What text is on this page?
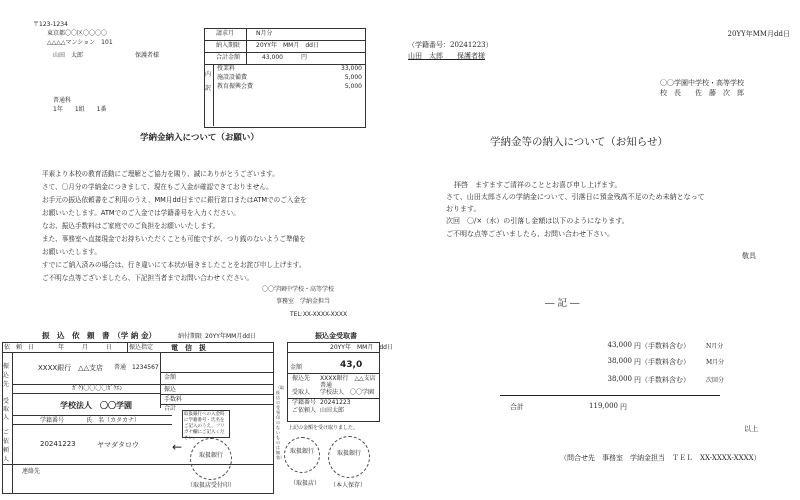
〒123-1234
東京都〇〇区〇〇〇〇
△△△△マンション　101
山田　太郎	保護者様
普通科
1年　　1組　　1番
請求月	N月分
納入期限	20YY年　MM月　dd日
合計金額	43,000　　　円
内訳
授業料	33,000
施設設備費	5,000
教育振興会費	5,000
学納金納入について（お願い）
平素より本校の教育活動にご理解とご協力を賜り、誠にありがとうございます。
さて、〇月分の学納金につきまして、現在もご入金が確認できておりません。
お手元の振込依頼書をご利用のうえ、MM月dd日までに銀行窓口またはATMでのご入金を
お願いいたします。ATMでのご入金では学籍番号を入力ください。
なお、振込手数料はご家庭でのご負担をお願いいたします。
また、事務室へ直接現金でお持ちいただくことも可能ですが、つり銭のないようご準備を
お願いいたします。
すでにご納入済みの場合は、行き違いにて本状が届きましたことをお詫び申し上げます。
ご不明な点等ございましたら、下記担当者までお問い合わせください。
〇〇学園中学校・高等学校
事務室　学納金担当
TEL:XX-XXXX-XXXX
振　込　依　頼　書　（学 納 金）	納付期限 20YY年MM月dd日
依　頼　日　　　　年　　　月　　　日	振込指定	電　信　扱
振込先
XXXX銀行　△△支店 普通　1234567
ｶﾞｸ)〇〇〇〇ｶﾞｸｴﾝ
金額
振込
手数料
合計
受取人
学校法人　〇〇学園
学籍番号	氏　名（カタカナ）
ご依頼人
20241223	ヤマダタロウ
連絡先
取扱銀行への入金時に学籍番号・氏名をご記入のうえ、フリガナ欄にご記入ください。
←
取扱銀行
（取扱店受付印）
振込金受取書
20YY年　MM月　dd日
金額	43,0
振込先 XXXX銀行　△△支店
普通
受取人 学校法人　〇〇学園
学籍番号 20241223
ご依頼人 山田太郎
上記の金額を受け取りました。
（取扱店の受領印のないものは無効）
取扱銀行
（取扱店）
取扱銀行
（本人保存）
20YY年MM月dd日
（学籍番号：20241223）
山田　太郎　　保護者様
〇〇学園中学校・高等学校
校　長　　佐　藤　次　郎
学納金等の納入について（お知らせ）
拝啓　ますますご清祥のこととお喜び申し上げます。
さて、山田太郎さんの学納金について、引落日に預金残高不足のため未納となって
おります。
次回　〇/×（水）の引落し金額は以下のようになります。
ご不明な点等ございましたら、お問い合わせ下さい。
敬具
― 記 ―
43,000 円（手数料含む）	N月分
38,000 円（手数料含む）	M月分
38,000 円（手数料含む）	次回分
合計	119,000 円
以上
（問合せ先　事務室　学納金担当　ＴＥＬ　XX-XXXX-XXXX）
